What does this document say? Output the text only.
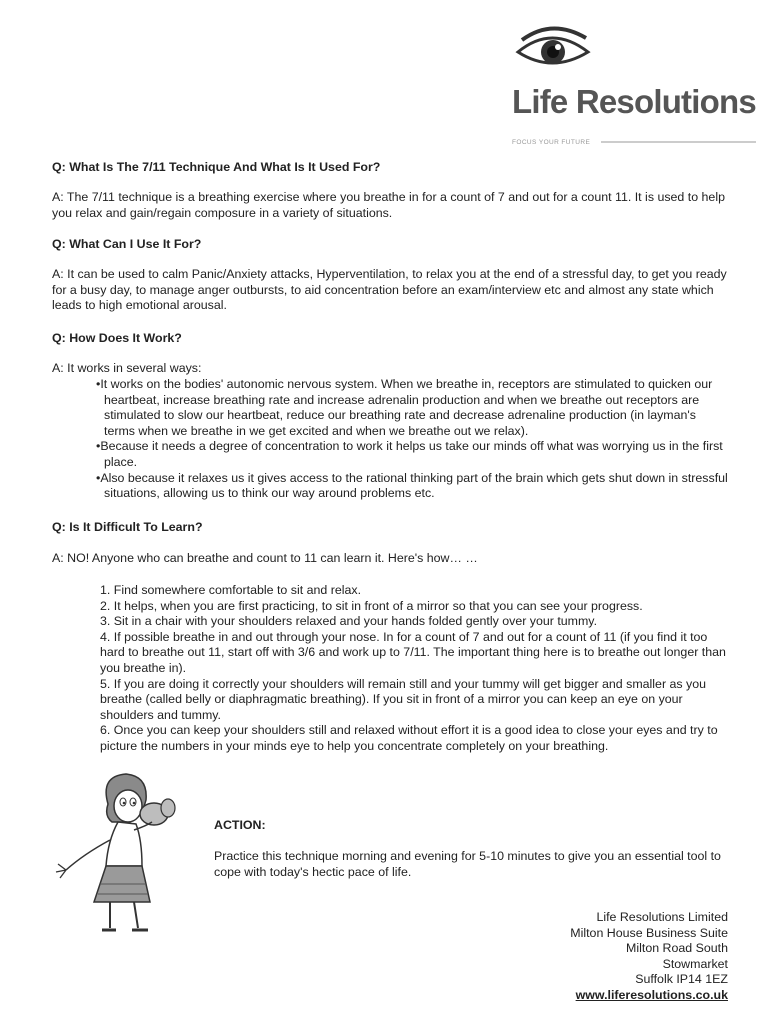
Life Resolutions
FOCUS YOUR FUTURE
Q: What Is The 7/11 Technique And What Is It Used For?
A: The 7/11 technique is a breathing exercise where you breathe in for a count of 7 and out for a count 11. It is used to help you relax and gain/regain composure in a variety of situations.
Q: What Can I Use It For?
A: It can be used to calm Panic/Anxiety attacks, Hyperventilation, to relax you at the end of a stressful day, to get you ready for a busy day, to manage anger outbursts, to aid concentration before an exam/interview etc and almost any state which leads to high emotional arousal.
Q: How Does It Work?
A: It works in several ways:
• It works on the bodies' autonomic nervous system. When we breathe in, receptors are stimulated to quicken our heartbeat, increase breathing rate and increase adrenalin production and when we breathe out receptors are stimulated to slow our heartbeat, reduce our breathing rate and decrease adrenaline production (in layman's terms when we breathe in we get excited and when we breathe out we relax).
• Because it needs a degree of concentration to work it helps us take our minds off what was worrying us in the first place.
• Also because it relaxes us it gives access to the rational thinking part of the brain which gets shut down in stressful situations, allowing us to think our way around problems etc.
Q: Is It Difficult To Learn?
A: NO! Anyone who can breathe and count to 11 can learn it. Here's how… …
1. Find somewhere comfortable to sit and relax.
2. It helps, when you are first practicing, to sit in front of a mirror so that you can see your progress.
3. Sit in a chair with your shoulders relaxed and your hands folded gently over your tummy.
4. If possible breathe in and out through your nose. In for a count of 7 and out for a count of 11 (if you find it too hard to breathe out 11, start off with 3/6 and work up to 7/11. The important thing here is to breathe out longer than you breathe in).
5. If you are doing it correctly your shoulders will remain still and your tummy will get bigger and smaller as you breathe (called belly or diaphragmatic breathing). If you sit in front of a mirror you can keep an eye on your shoulders and tummy.
6. Once you can keep your shoulders still and relaxed without effort it is a good idea to close your eyes and try to picture the numbers in your minds eye to help you concentrate completely on your breathing.
ACTION:
Practice this technique morning and evening for 5-10 minutes to give you an essential tool to cope with today's hectic pace of life.
Life Resolutions Limited
Milton House Business Suite
Milton Road South
Stowmarket
Suffolk IP14 1EZ
www.liferesolutions.co.uk
